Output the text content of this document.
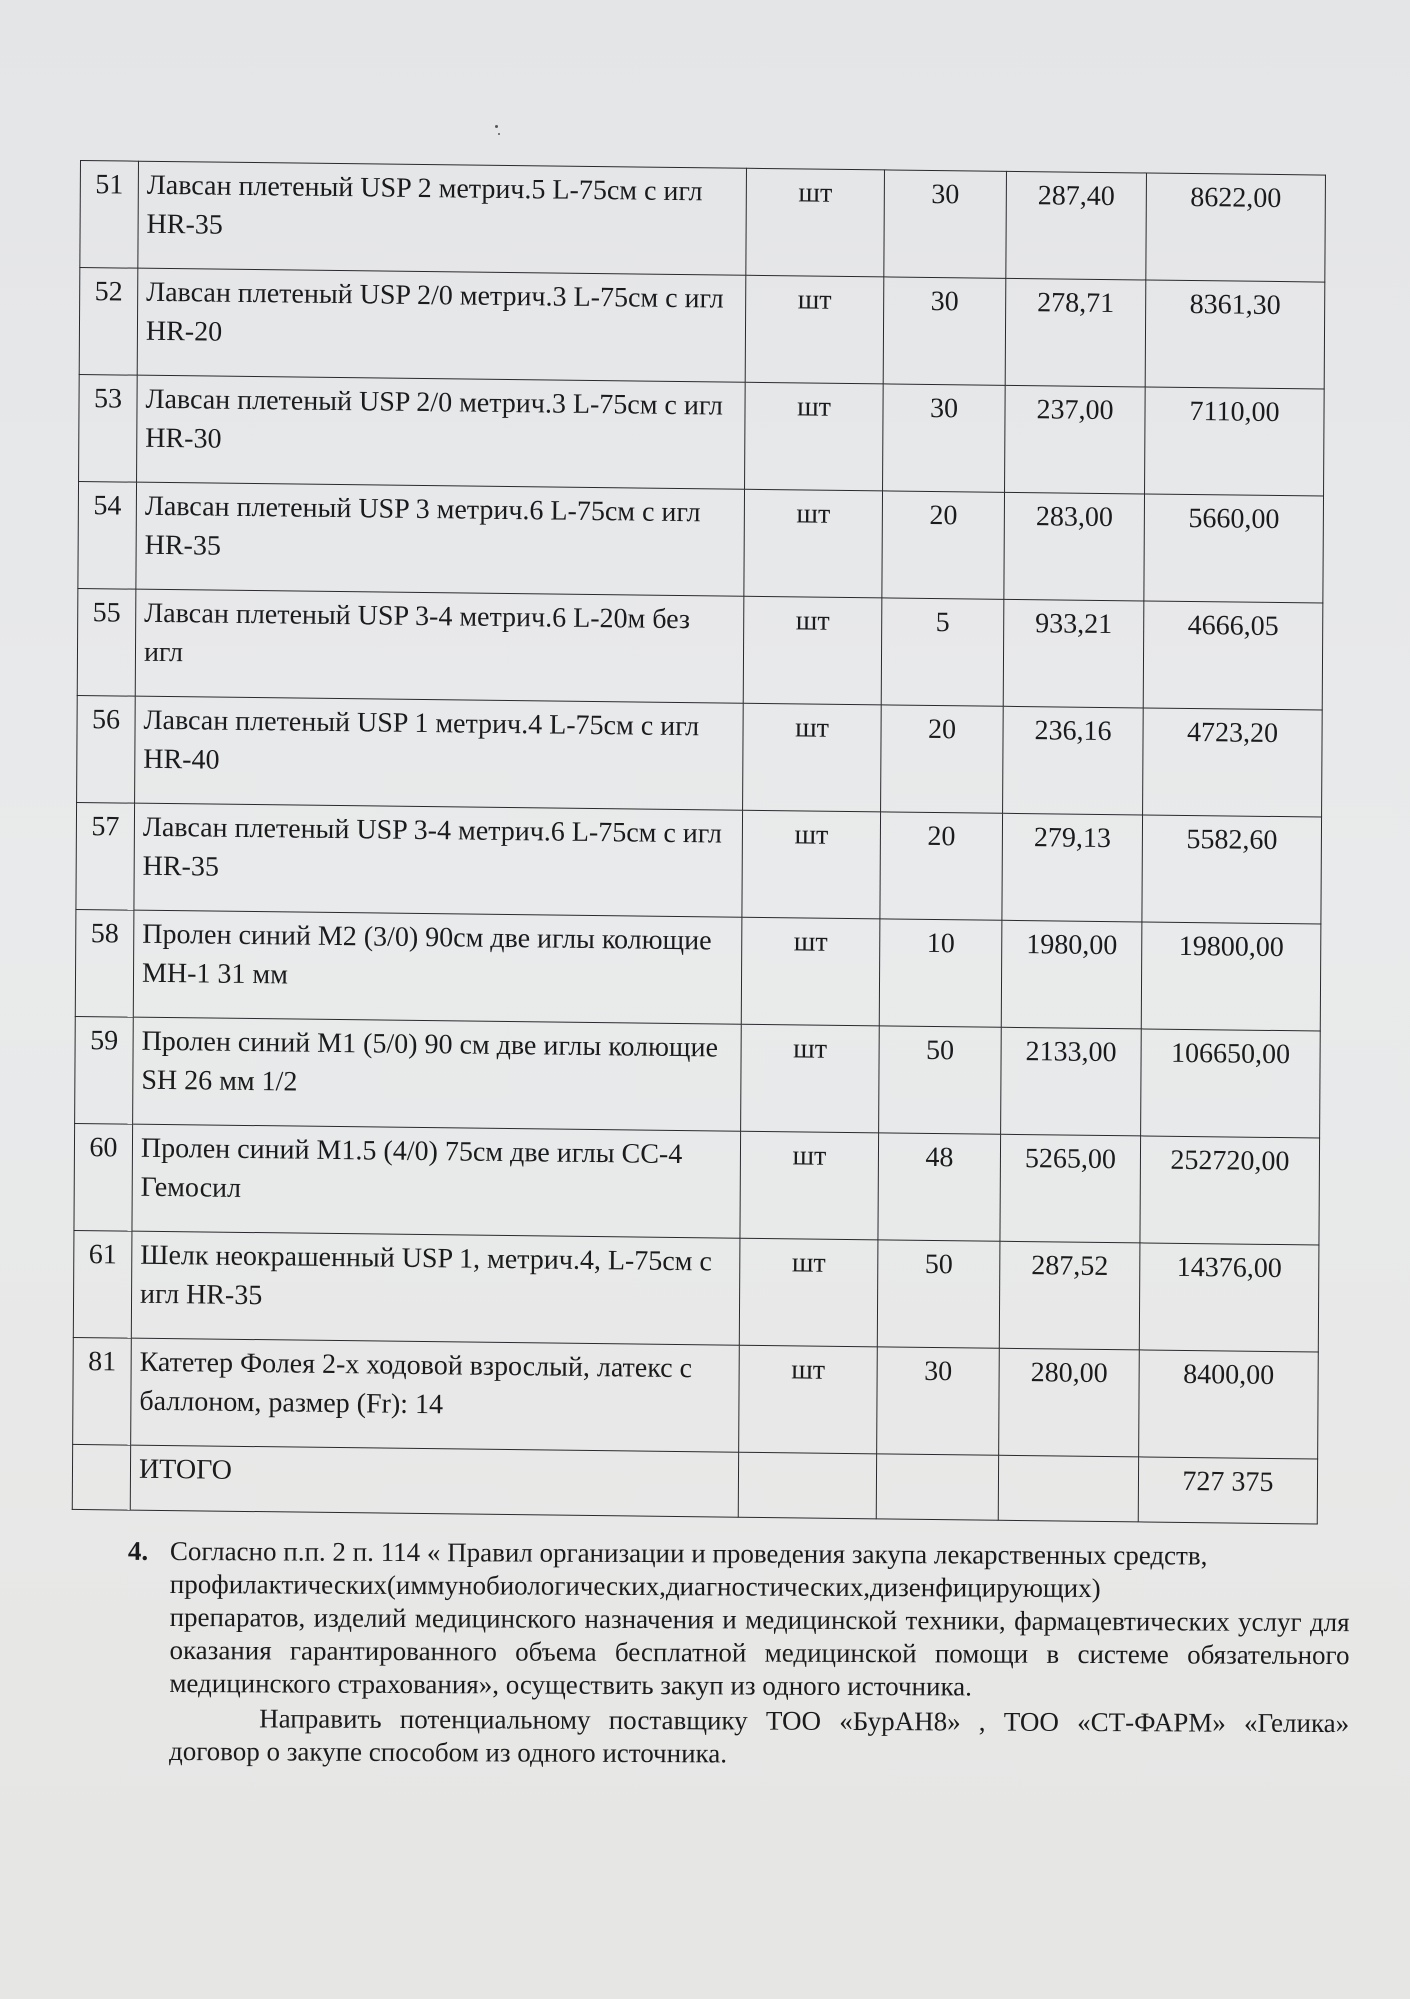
51	Лавсан плетеный USP 2 метрич.5 L-75см с игл HR-35	шт	30	287,40	8622,00
52	Лавсан плетеный USP 2/0 метрич.3 L-75см с игл HR-20	шт	30	278,71	8361,30
53	Лавсан плетеный USP 2/0 метрич.3 L-75см с игл HR-30	шт	30	237,00	7110,00
54	Лавсан плетеный USP 3 метрич.6 L-75см с игл HR-35	шт	20	283,00	5660,00
55	Лавсан плетеный USP 3-4 метрич.6 L-20м без игл	шт	5	933,21	4666,05
56	Лавсан плетеный USP 1 метрич.4 L-75см с игл HR-40	шт	20	236,16	4723,20
57	Лавсан плетеный USP 3-4 метрич.6 L-75см с игл HR-35	шт	20	279,13	5582,60
58	Пролен синий М2 (3/0) 90см две иглы колющие МН-1 31 мм	шт	10	1980,00	19800,00
59	Пролен синий М1 (5/0) 90 см две иглы колющие SH 26 мм 1/2	шт	50	2133,00	106650,00
60	Пролен синий М1.5 (4/0) 75см две иглы СС-4 Гемосил	шт	48	5265,00	252720,00
61	Шелк неокрашенный USP 1, метрич.4, L-75см с игл HR-35	шт	50	287,52	14376,00
81	Катетер Фолея 2-х ходовой взрослый, латекс с баллоном, размер (Fr): 14	шт	30	280,00	8400,00
	ИТОГО				727 375
4. Согласно п.п. 2 п. 114 « Правил организации и проведения закупа лекарственных средств,

профилактических(иммунобиологических,диагностических,дизенфицирующих)

препаратов, изделий медицинского назначения и медицинской техники, фармацевтических услуг для оказания гарантированного объема бесплатной медицинской помощи в системе обязательного медицинского страхования», осуществить закуп из одного источника.

Направить потенциальному поставщику ТОО «БурАН8» , ТОО «СТ-ФАРМ» «Гелика» договор о закупе способом из одного источника.
